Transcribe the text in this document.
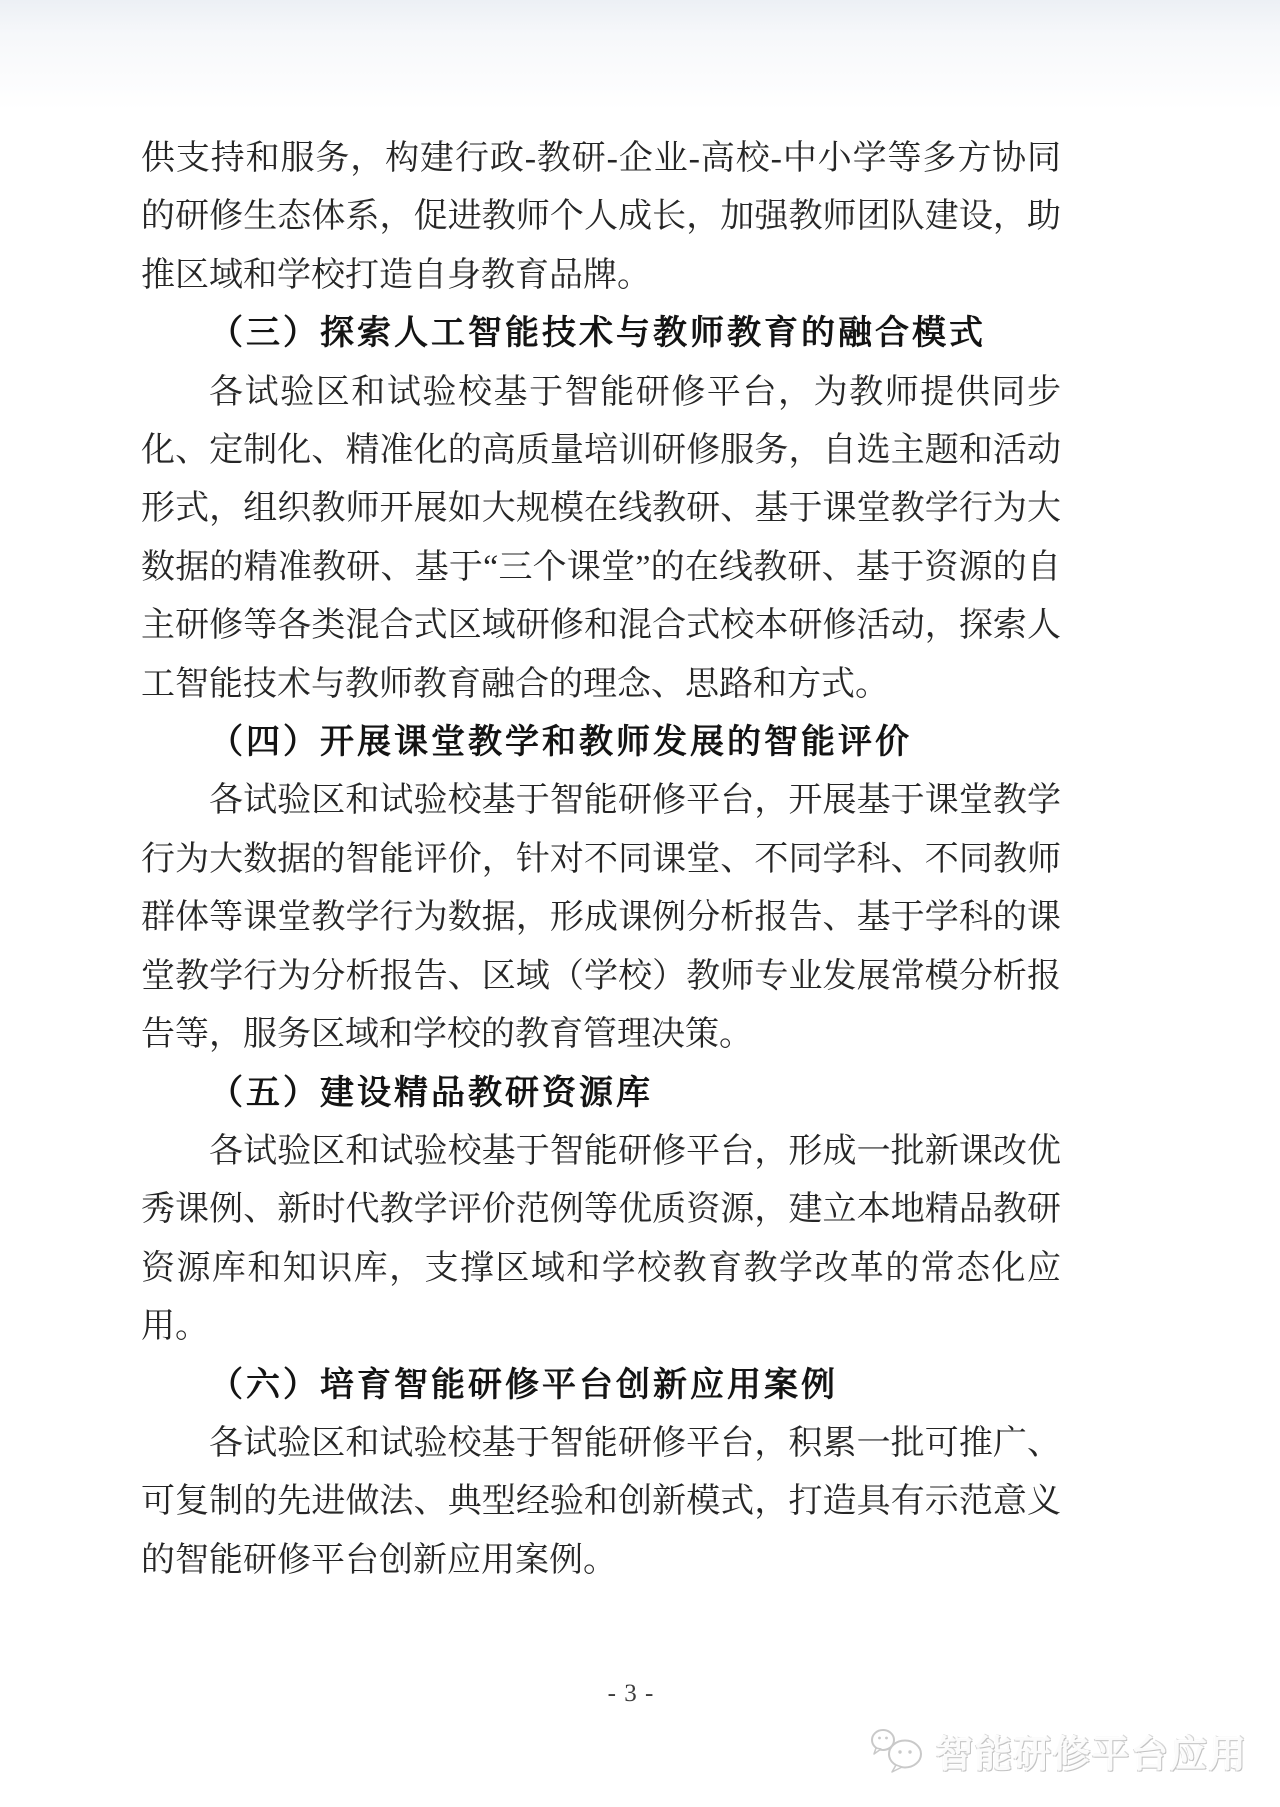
供支持和服务，构建行政-教研-企业-高校-中小学等多方协同的研修生态体系，促进教师个人成长，加强教师团队建设，助推区域和学校打造自身教育品牌。

（三）探索人工智能技术与教师教育的融合模式

各试验区和试验校基于智能研修平台，为教师提供同步化、定制化、精准化的高质量培训研修服务，自选主题和活动形式，组织教师开展如大规模在线教研、基于课堂教学行为大数据的精准教研、基于“三个课堂”的在线教研、基于资源的自主研修等各类混合式区域研修和混合式校本研修活动，探索人工智能技术与教师教育融合的理念、思路和方式。

（四）开展课堂教学和教师发展的智能评价

各试验区和试验校基于智能研修平台，开展基于课堂教学行为大数据的智能评价，针对不同课堂、不同学科、不同教师群体等课堂教学行为数据，形成课例分析报告、基于学科的课堂教学行为分析报告、区域（学校）教师专业发展常模分析报告等，服务区域和学校的教育管理决策。

（五）建设精品教研资源库

各试验区和试验校基于智能研修平台，形成一批新课改优秀课例、新时代教学评价范例等优质资源，建立本地精品教研资源库和知识库，支撑区域和学校教育教学改革的常态化应用。

（六）培育智能研修平台创新应用案例

各试验区和试验校基于智能研修平台，积累一批可推广、可复制的先进做法、典型经验和创新模式，打造具有示范意义的智能研修平台创新应用案例。

- 3 -
智能研修平台应用
